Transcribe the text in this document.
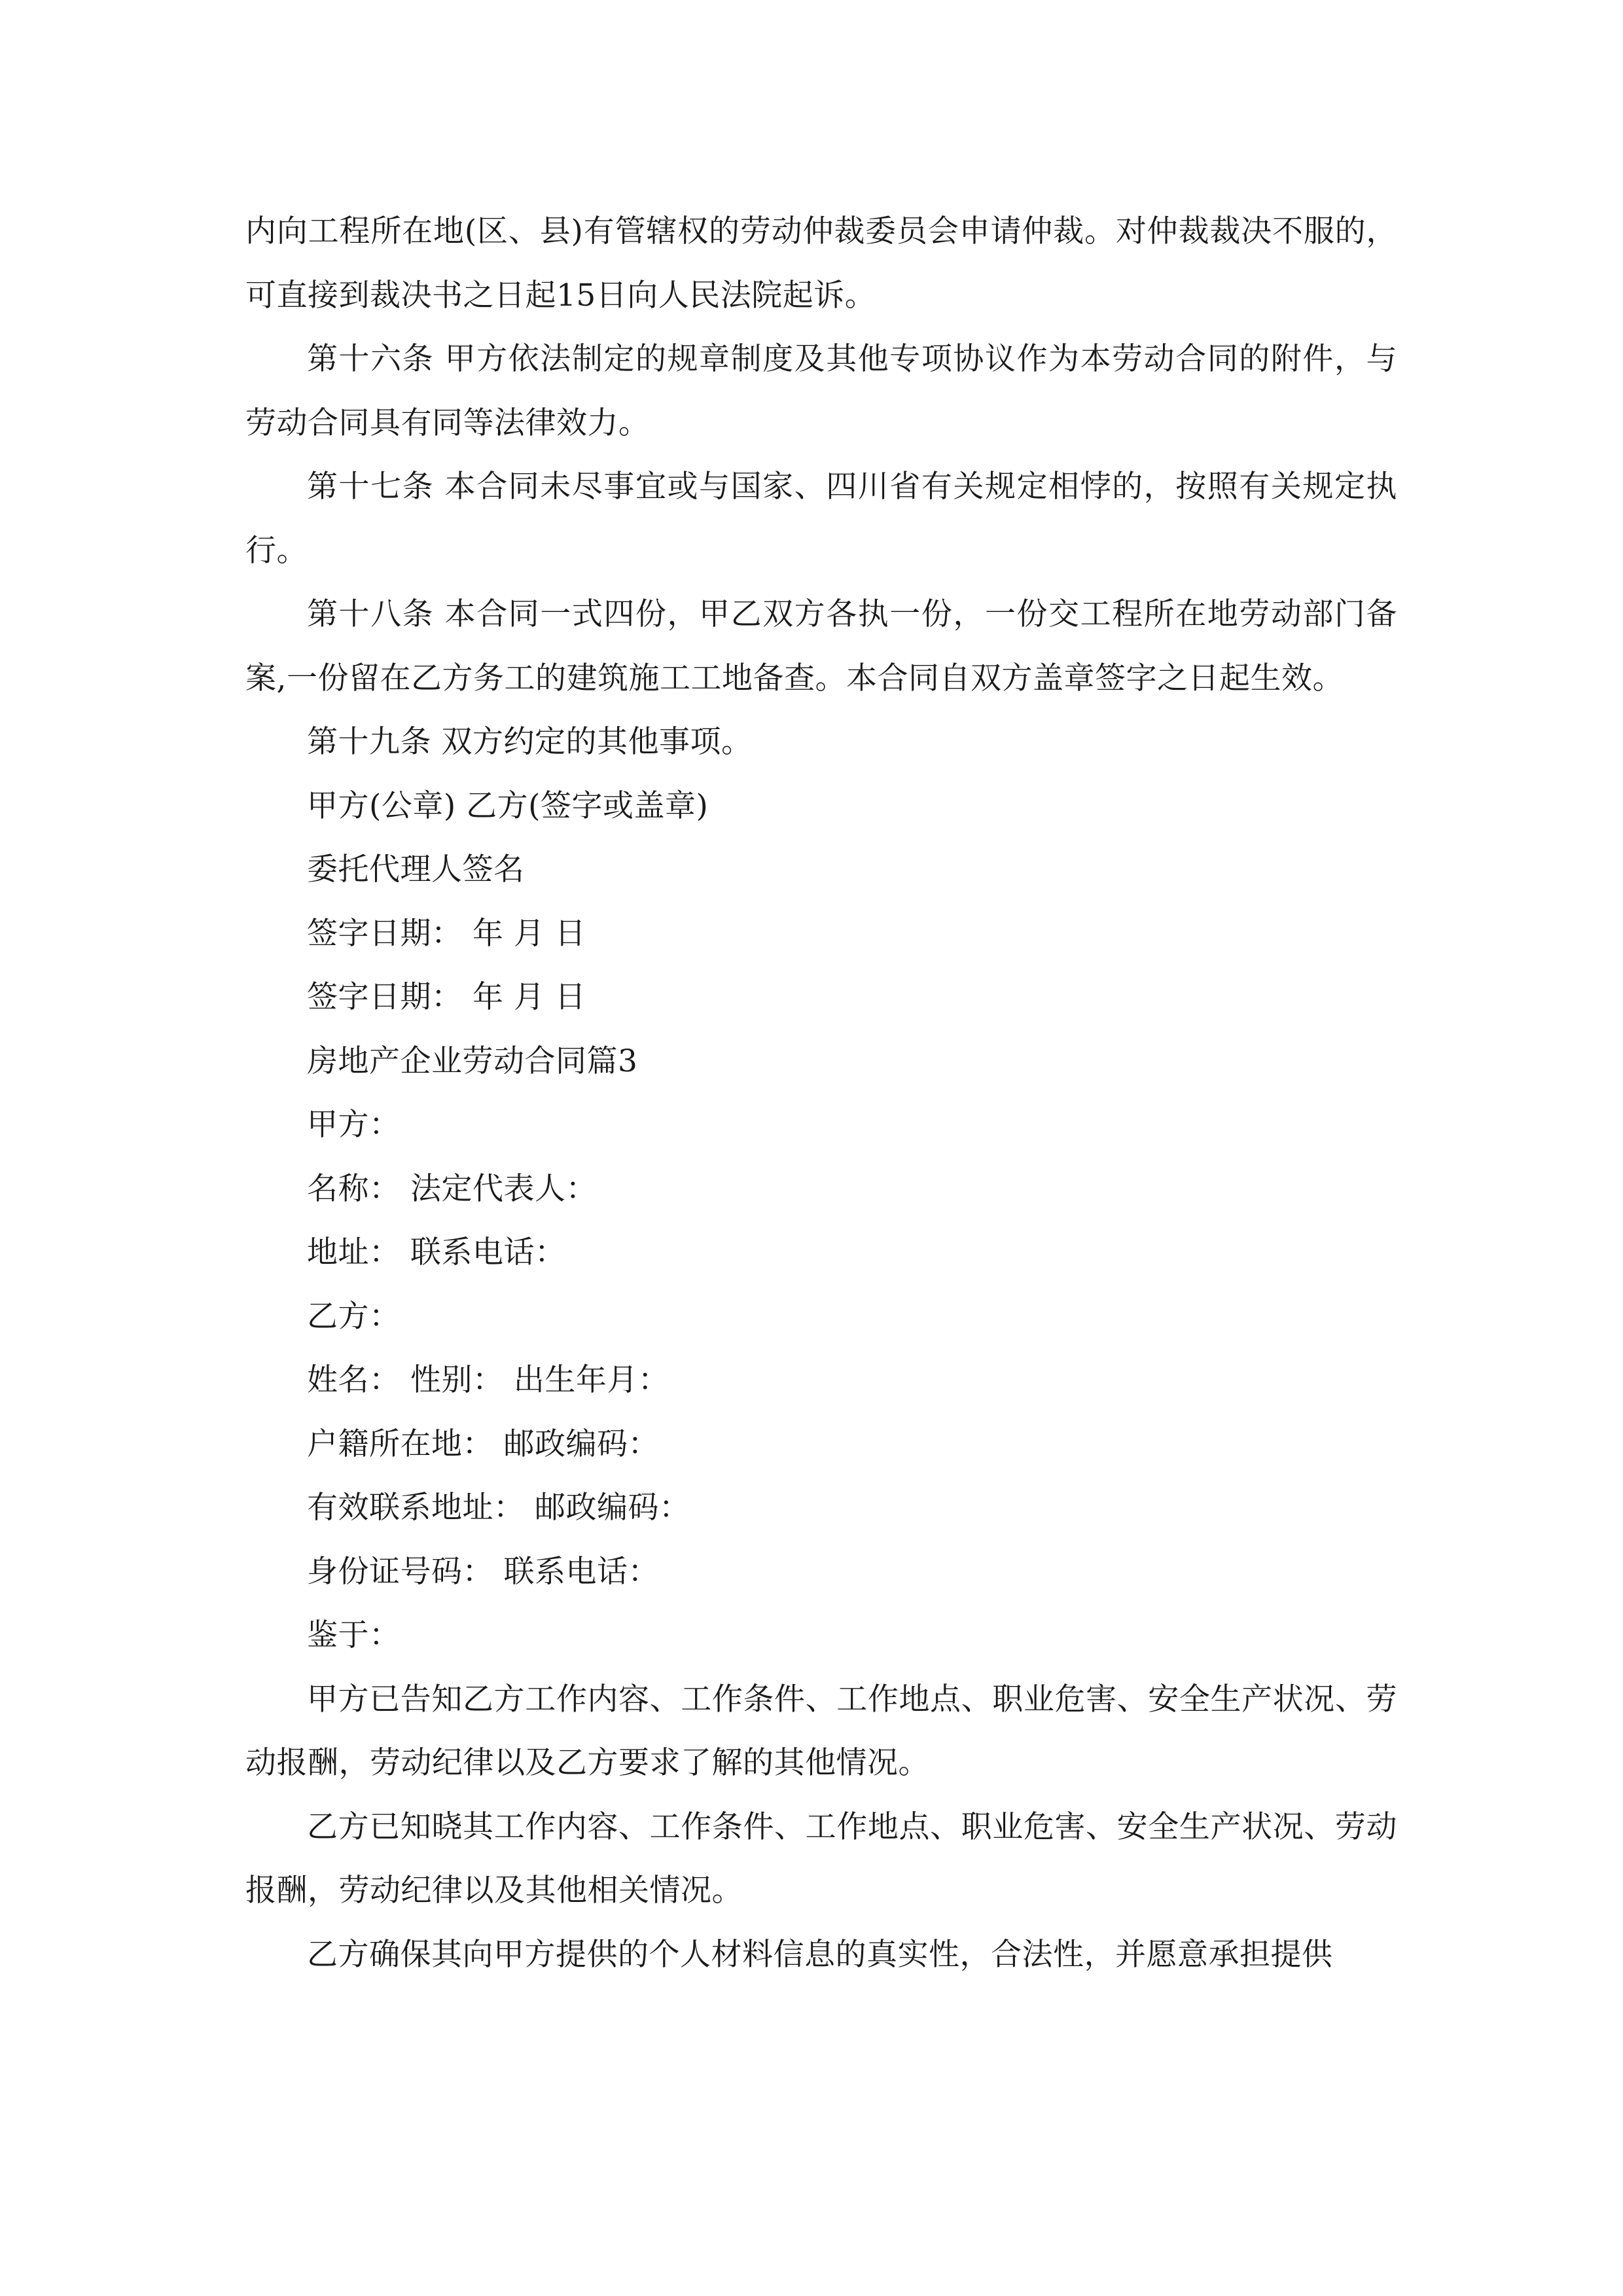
内向工程所在地(区、县)有管辖权的劳动仲裁委员会申请仲裁。对仲裁裁决不服的，可直接到裁决书之日起15日向人民法院起诉。

第十六条 甲方依法制定的规章制度及其他专项协议作为本劳动合同的附件，与劳动合同具有同等法律效力。

第十七条 本合同未尽事宜或与国家、四川省有关规定相悖的，按照有关规定执行。

第十八条 本合同一式四份，甲乙双方各执一份，一份交工程所在地劳动部门备案,一份留在乙方务工的建筑施工工地备查。本合同自双方盖章签字之日起生效。

第十九条 双方约定的其他事项。

甲方(公章) 乙方(签字或盖章)

委托代理人签名

签字日期： 年 月 日

签字日期： 年 月 日

房地产企业劳动合同篇3

甲方：

名称： 法定代表人：

地址： 联系电话：

乙方：

姓名： 性别： 出生年月：

户籍所在地： 邮政编码：

有效联系地址： 邮政编码：

身份证号码： 联系电话：

鉴于：

甲方已告知乙方工作内容、工作条件、工作地点、职业危害、安全生产状况、劳动报酬，劳动纪律以及乙方要求了解的其他情况。

乙方已知晓其工作内容、工作条件、工作地点、职业危害、安全生产状况、劳动报酬，劳动纪律以及其他相关情况。

乙方确保其向甲方提供的个人材料信息的真实性，合法性，并愿意承担提供
